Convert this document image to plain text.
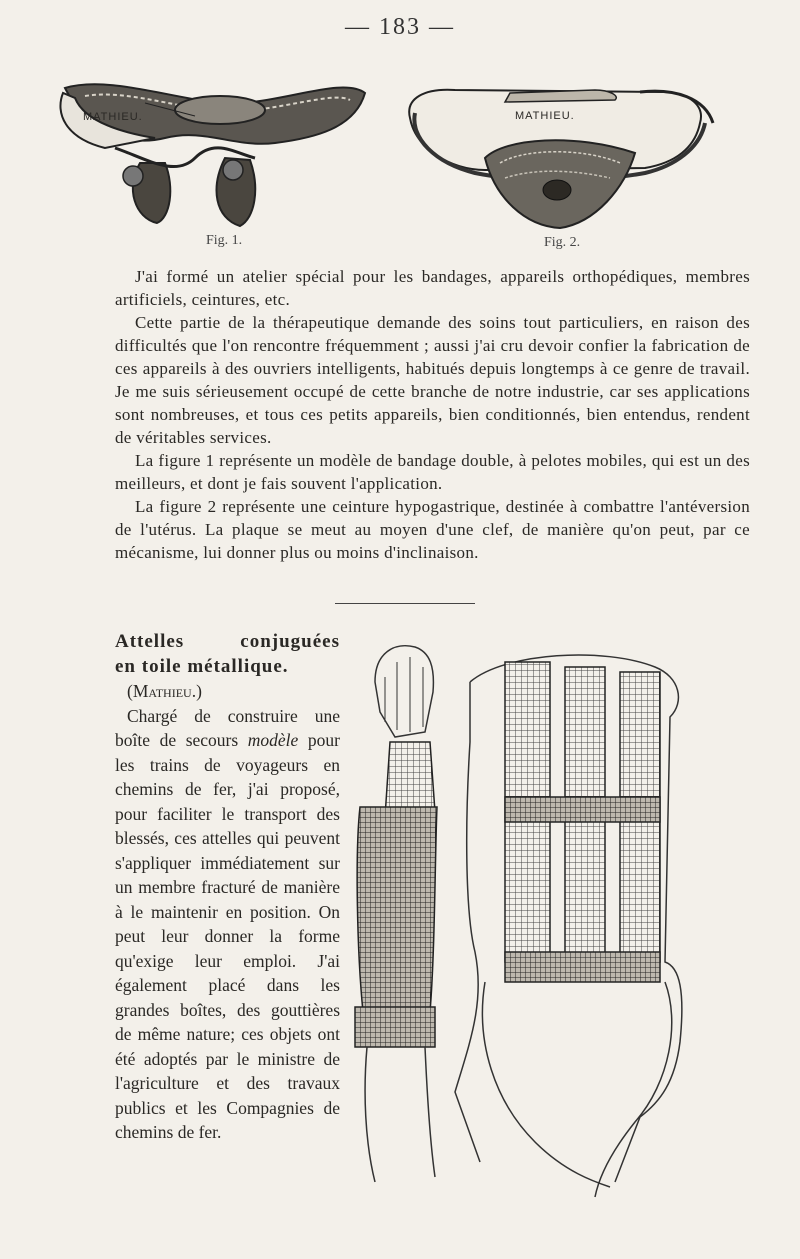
— 183 —
MATHIEU.
Fig. 1.
MATHIEU.
Fig. 2.

J'ai formé un atelier spécial pour les bandages, appareils orthopédiques, membres artificiels, ceintures, etc.

Cette partie de la thérapeutique demande des soins tout particuliers, en raison des difficultés que l'on rencontre fréquemment ; aussi j'ai cru devoir confier la fabrication de ces appareils à des ouvriers intelligents, habitués depuis longtemps à ce genre de travail. Je me suis sérieusement occupé de cette branche de notre industrie, car ses applications sont nombreuses, et tous ces petits appareils, bien conditionnés, bien entendus, rendent de véritables services.

La figure 1 représente un modèle de bandage double, à pelotes mobiles, qui est un des meilleurs, et dont je fais souvent l'application.

La figure 2 représente une ceinture hypogastrique, destinée à combattre l'antéversion de l'utérus. La plaque se meut au moyen d'une clef, de manière qu'on peut, par ce mécanisme, lui donner plus ou moins d'inclinaison.

Attelles conjuguées

en toile métallique.

(Mathieu.)

Chargé de construire une boîte de secours modèle pour les trains de voyageurs en chemins de fer, j'ai proposé, pour faciliter le transport des blessés, ces attelles qui peuvent s'appliquer immédiatement sur un membre fracturé de manière à le maintenir en position. On peut leur donner la forme qu'exige leur emploi. J'ai également placé dans les grandes boîtes, des gouttières de même nature; ces objets ont été adoptés par le ministre de l'agriculture et des travaux publics et les Compagnies de chemins de fer.
